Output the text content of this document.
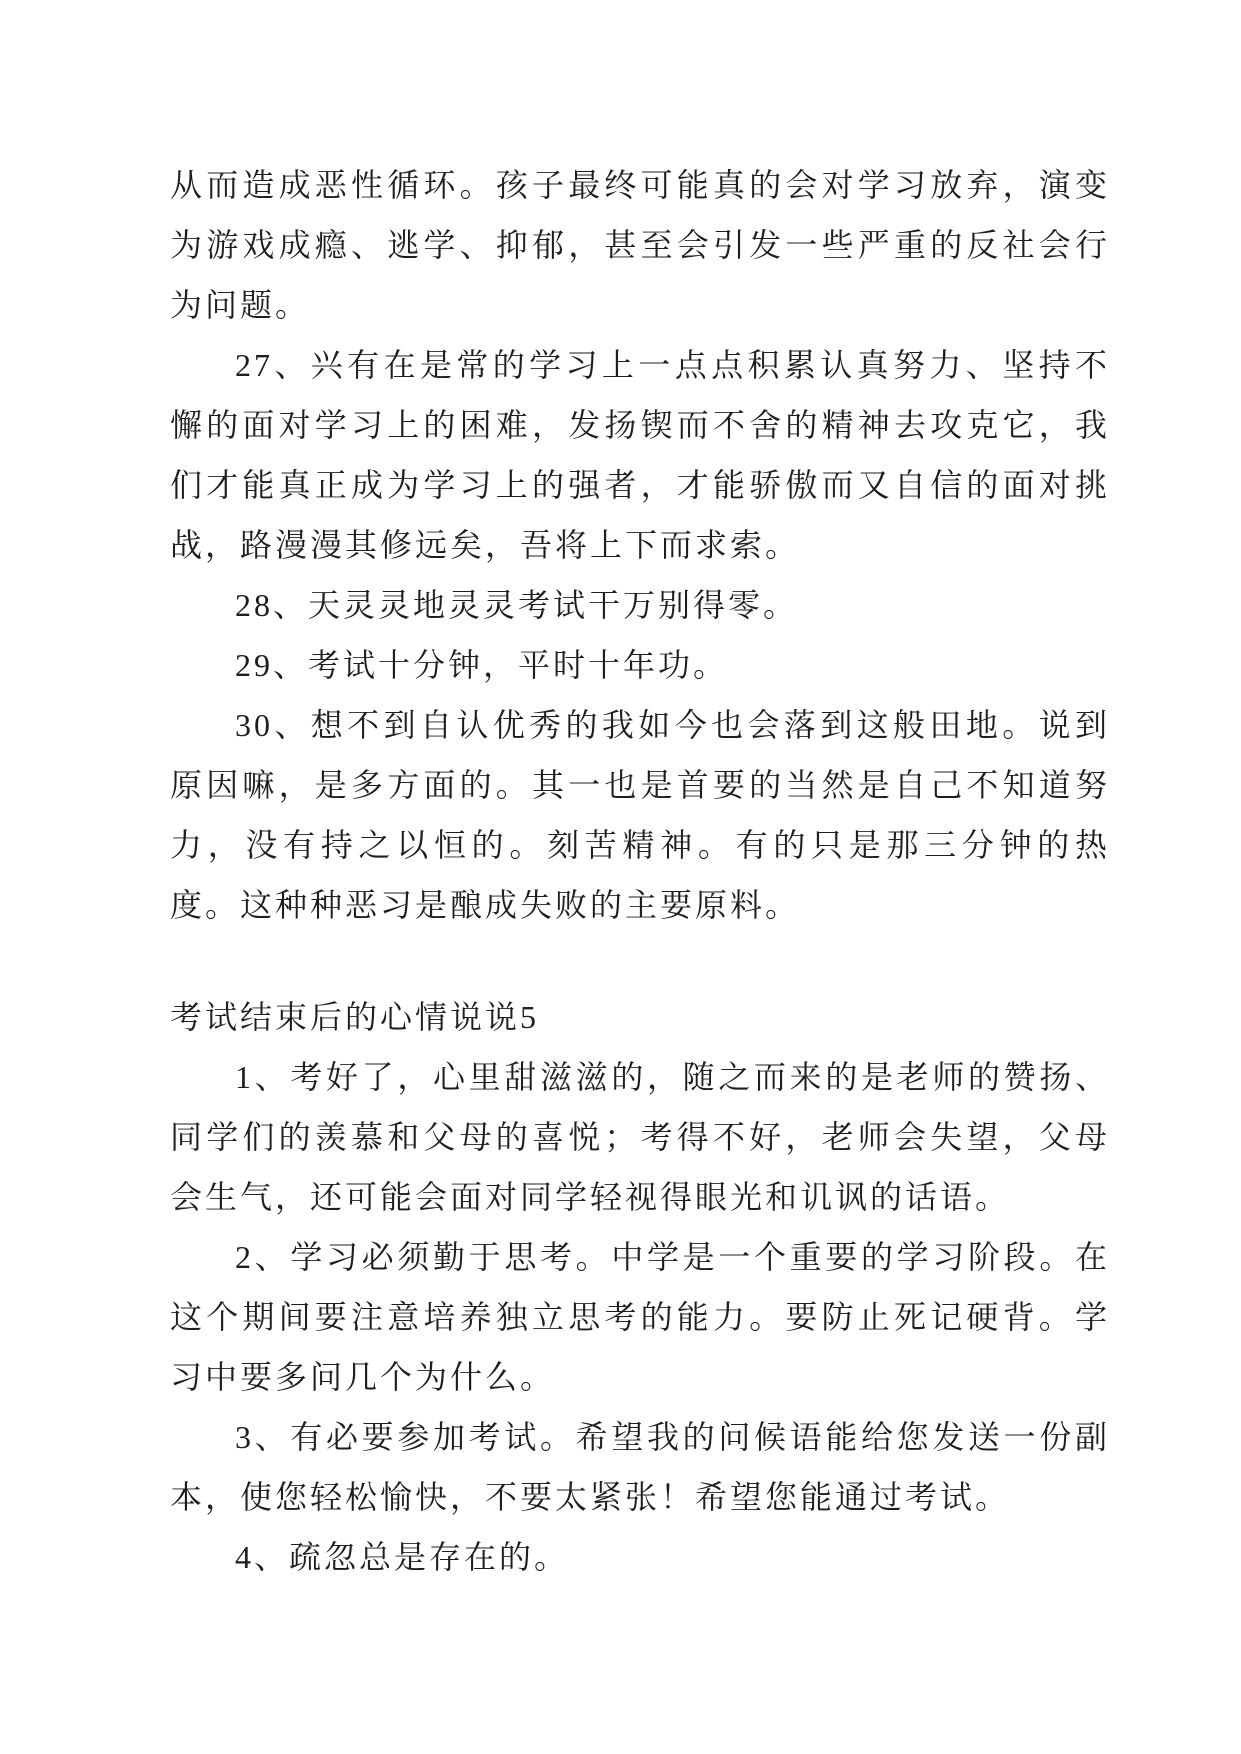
从而造成恶性循环。孩子最终可能真的会对学习放弃，演变为游戏成瘾、逃学、抑郁，甚至会引发一些严重的反社会行为问题。

27、兴有在是常的学习上一点点积累认真努力、坚持不懈的面对学习上的困难，发扬锲而不舍的精神去攻克它，我们才能真正成为学习上的强者，才能骄傲而又自信的面对挑战，路漫漫其修远矣，吾将上下而求索。

28、天灵灵地灵灵考试干万别得零。

29、考试十分钟，平时十年功。

30、想不到自认优秀的我如今也会落到这般田地。说到原因嘛，是多方面的。其一也是首要的当然是自己不知道努力，没有持之以恒的。刻苦精神。有的只是那三分钟的热度。这种种恶习是酿成失败的主要原料。

考试结束后的心情说说5

1、考好了，心里甜滋滋的，随之而来的是老师的赞扬、同学们的羡慕和父母的喜悦；考得不好，老师会失望，父母会生气，还可能会面对同学轻视得眼光和讥讽的话语。

2、学习必须勤于思考。中学是一个重要的学习阶段。在这个期间要注意培养独立思考的能力。要防止死记硬背。学习中要多问几个为什么。

3、有必要参加考试。希望我的问候语能给您发送一份副本，使您轻松愉快，不要太紧张！希望您能通过考试。

4、疏忽总是存在的。
